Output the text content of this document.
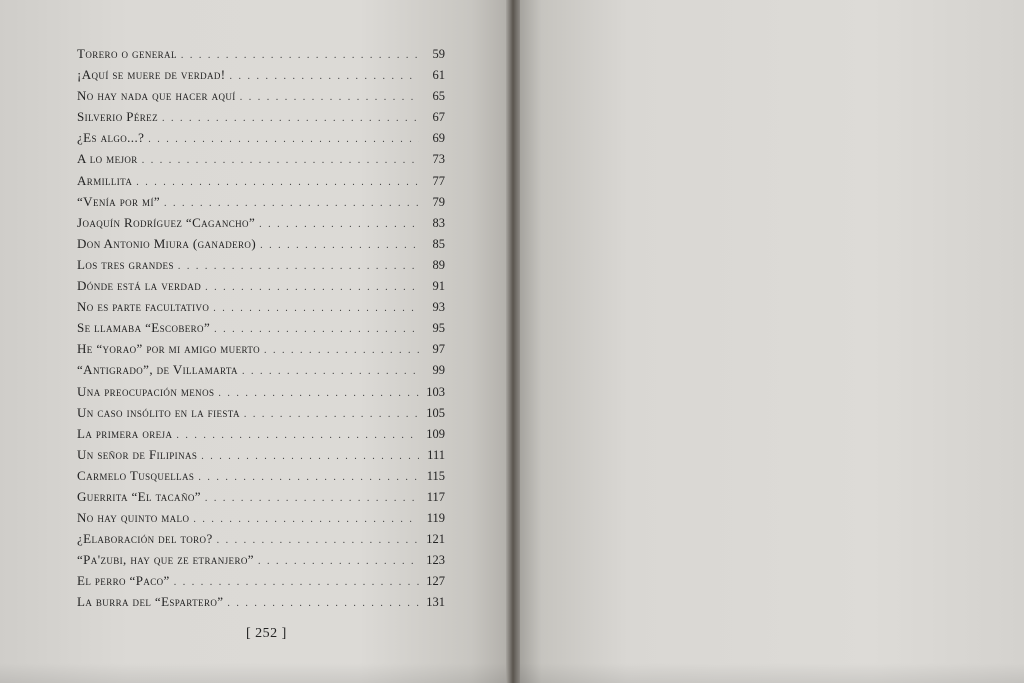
Torero o general . . .	59
¡Aquí se muere de verdad! . . .	61
No hay nada que hacer aquí . . .	65
Silverio Pérez . . .	67
¿Es algo...? . . .	69
A lo mejor . . .	73
Armillita . . .	77
“Venía por mí” . . .	79
Joaquín Rodríguez “Cagancho” . . .	83
Don Antonio Miura (ganadero) . . .	85
Los tres grandes . . .	89
Dónde está la verdad . . .	91
No es parte facultativo . . .	93
Se llamaba “Escobero” . . .	95
He “yorao” por mi amigo muerto . . .	97
“Antigrado”, de Villamarta . . .	99
Una preocupación menos . . .	103
Un caso insólito en la fiesta . . .	105
La primera oreja . . .	109
Un señor de Filipinas . . .	111
Carmelo Tusquellas . . .	115
Guerrita “El tacaño” . . .	117
No hay quinto malo . . .	119
¿Elaboración del toro? . . .	121
“Pa'zubi, hay que ze etranjero” . . .	123
El perro “Paco” . . .	127
La burra del “Espartero” . . .	131
[ 252 ]
